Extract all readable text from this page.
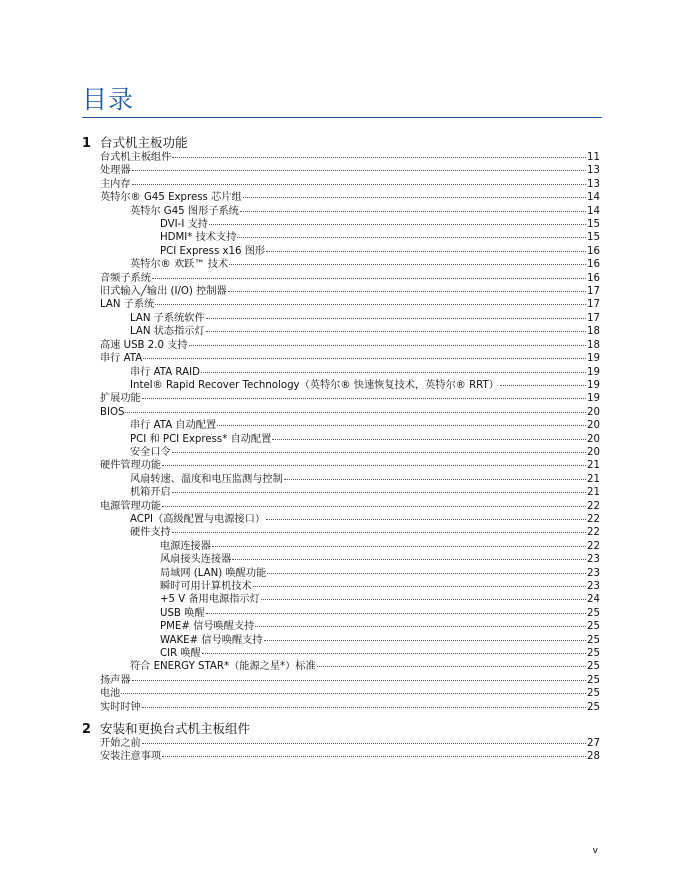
目录
1 台式机主板功能
台式机主板组件	11
处理器	13
主内存	13
英特尔® G45 Express 芯片组	14
英特尔 G45 图形子系统	14
DVI-I 支持	15
HDMI* 技术支持	15
PCI Express x16 图形	16
英特尔® 欢跃™ 技术	16
音频子系统	16
旧式输入╱输出 (I/O) 控制器	17
LAN 子系统	17
LAN 子系统软件	17
LAN 状态指示灯	18
高速 USB 2.0 支持	18
串行 ATA	19
串行 ATA RAID	19
Intel® Rapid Recover Technology（英特尔® 快速恢复技术，英特尔® RRT）	19
扩展功能	19
BIOS	20
串行 ATA 自动配置	20
PCI 和 PCI Express* 自动配置	20
安全口令	20
硬件管理功能	21
风扇转速、温度和电压监测与控制	21
机箱开启	21
电源管理功能	22
ACPI（高级配置与电源接口）	22
硬件支持	22
电源连接器	22
风扇接头连接器	23
局域网 (LAN) 唤醒功能	23
瞬时可用计算机技术	23
+5 V 备用电源指示灯	24
USB 唤醒	25
PME# 信号唤醒支持	25
WAKE# 信号唤醒支持	25
CIR 唤醒	25
符合 ENERGY STAR*（能源之星*）标准	25
扬声器	25
电池	25
实时时钟	25
2 安装和更换台式机主板组件
开始之前	27
安装注意事项	28
v
